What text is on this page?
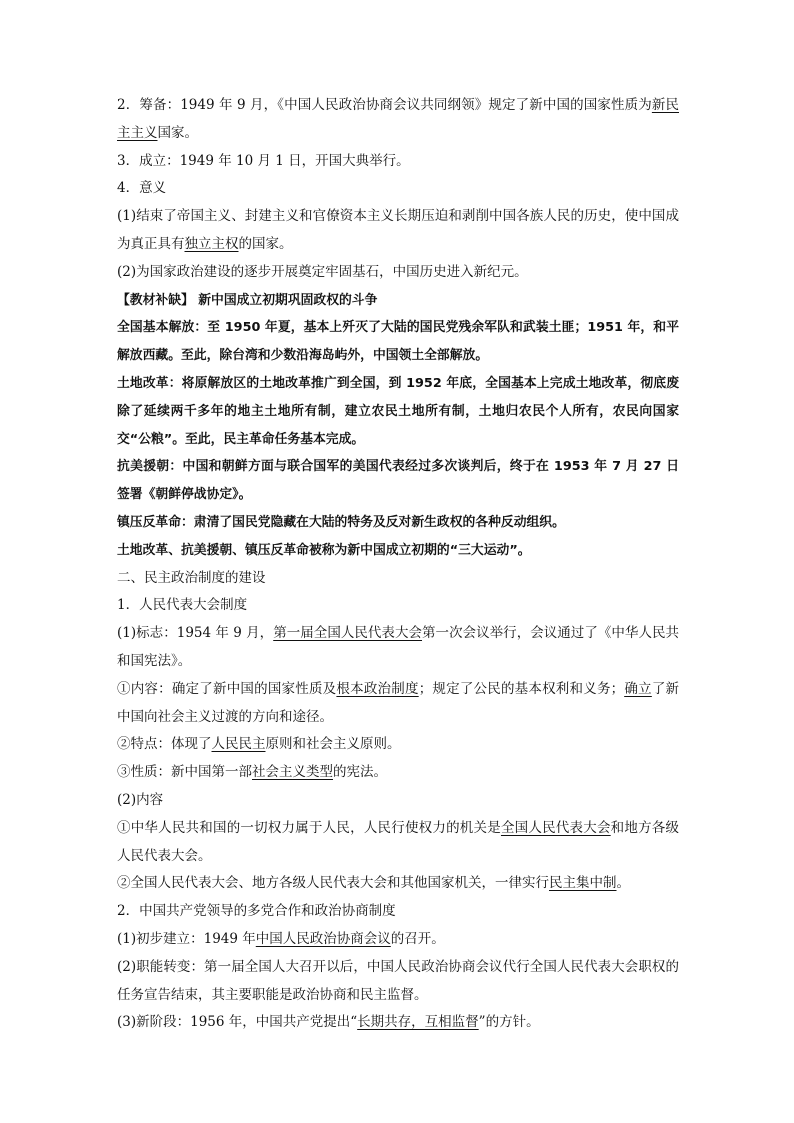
2．筹备：1949 年 9 月，《中国人民政治协商会议共同纲领》规定了新中国的国家性质为新民主主义国家。

3．成立：1949 年 10 月 1 日，开国大典举行。

4．意义

(1)结束了帝国主义、封建主义和官僚资本主义长期压迫和剥削中国各族人民的历史，使中国成为真正具有独立主权的国家。

(2)为国家政治建设的逐步开展奠定牢固基石，中国历史进入新纪元。

【教材补缺】 新中国成立初期巩固政权的斗争

全国基本解放：至 1950 年夏，基本上歼灭了大陆的国民党残余军队和武装土匪；1951 年，和平解放西藏。至此，除台湾和少数沿海岛屿外，中国领土全部解放。

土地改革：将原解放区的土地改革推广到全国，到 1952 年底，全国基本上完成土地改革，彻底废除了延续两千多年的地主土地所有制，建立农民土地所有制，土地归农民个人所有，农民向国家交“公粮”。至此，民主革命任务基本完成。

抗美援朝：中国和朝鲜方面与联合国军的美国代表经过多次谈判后，终于在 1953 年 7 月 27 日签署《朝鲜停战协定》。

镇压反革命：肃清了国民党隐藏在大陆的特务及反对新生政权的各种反动组织。

土地改革、抗美援朝、镇压反革命被称为新中国成立初期的“三大运动”。

二、民主政治制度的建设

1．人民代表大会制度

(1)标志：1954 年 9 月，第一届全国人民代表大会第一次会议举行，会议通过了《中华人民共和国宪法》。

①内容：确定了新中国的国家性质及根本政治制度；规定了公民的基本权利和义务；确立了新中国向社会主义过渡的方向和途径。

②特点：体现了人民民主原则和社会主义原则。

③性质：新中国第一部社会主义类型的宪法。

(2)内容

①中华人民共和国的一切权力属于人民，人民行使权力的机关是全国人民代表大会和地方各级人民代表大会。

②全国人民代表大会、地方各级人民代表大会和其他国家机关，一律实行民主集中制。

2．中国共产党领导的多党合作和政治协商制度

(1)初步建立：1949 年中国人民政治协商会议的召开。

(2)职能转变：第一届全国人大召开以后，中国人民政治协商会议代行全国人民代表大会职权的任务宣告结束，其主要职能是政治协商和民主监督。

(3)新阶段：1956 年，中国共产党提出“长期共存，互相监督”的方针。
